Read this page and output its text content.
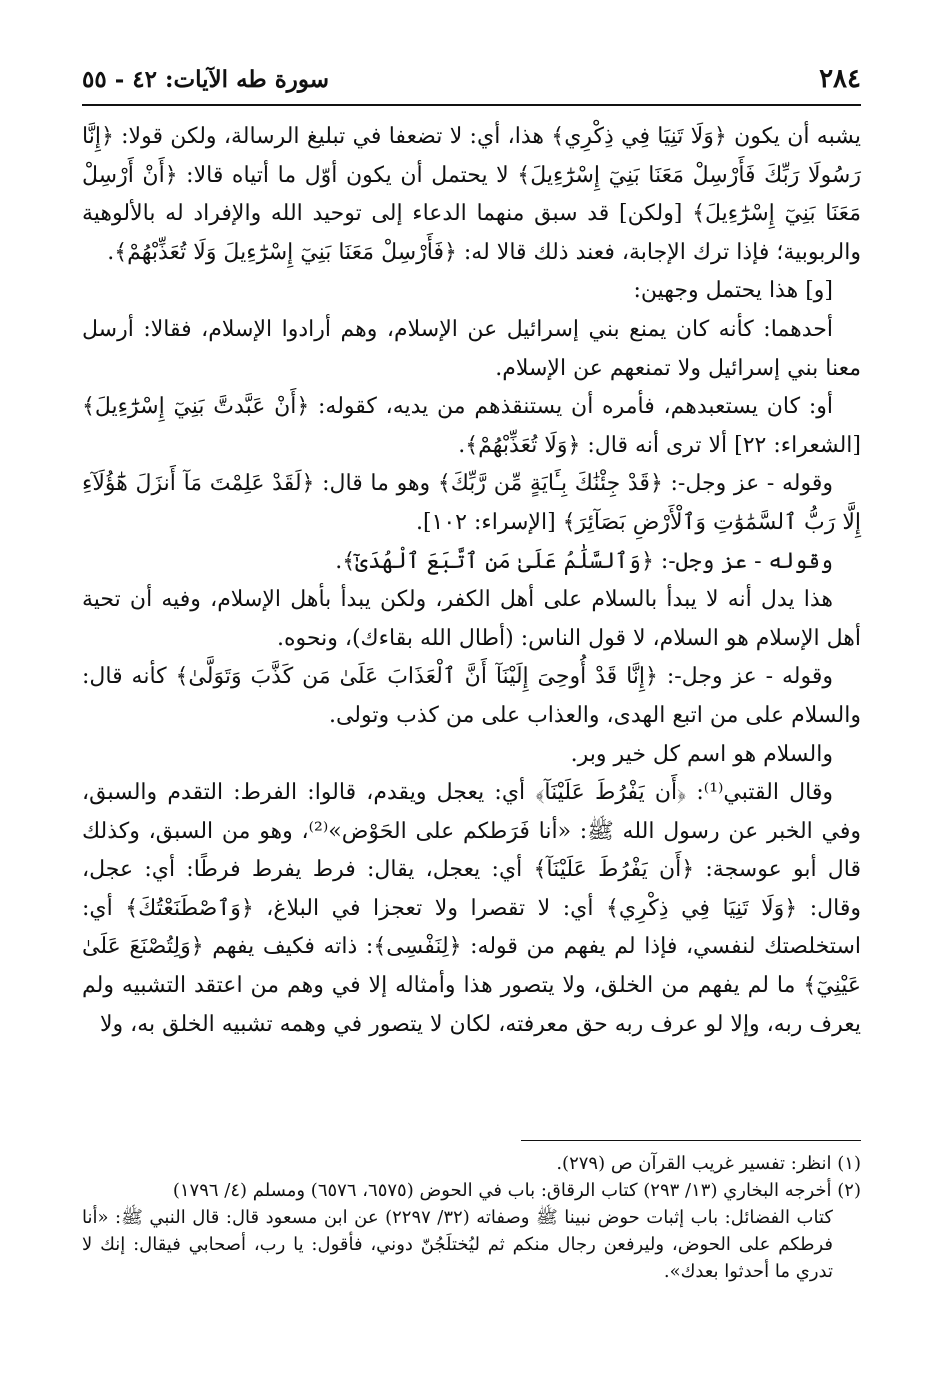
٢٨٤
سورة طه الآيات: ٤٢ - ٥٥

يشبه أن يكون ﴿وَلَا تَنِيَا فِي ذِكْرِي﴾ هذا، أي: لا تضعفا في تبليغ الرسالة، ولكن قولا: ﴿إِنَّا رَسُولَا رَبِّكَ فَأَرْسِلْ مَعَنَا بَنِيٓ إِسْرَٰٓءِيلَ﴾ لا يحتمل أن يكون أوّل ما أتياه قالا: ﴿أَنْ أَرْسِلْ مَعَنَا بَنِيٓ إِسْرَٰٓءِيلَ﴾ [ولكن] قد سبق منهما الدعاء إلى توحيد الله والإفراد له بالألوهية والربوبية؛ فإذا ترك الإجابة، فعند ذلك قالا له: ﴿فَأَرْسِلْ مَعَنَا بَنِيٓ إِسْرَٰٓءِيلَ وَلَا تُعَذِّبْهُمْ﴾.

[و] هذا يحتمل وجهين:

أحدهما: كأنه كان يمنع بني إسرائيل عن الإسلام، وهم أرادوا الإسلام، فقالا: أرسل معنا بني إسرائيل ولا تمنعهم عن الإسلام.

أو: كان يستعبدهم، فأمره أن يستنقذهم من يديه، كقوله: ﴿أَنْ عَبَّدتَّ بَنِيٓ إِسْرَٰٓءِيلَ﴾ [الشعراء: ٢٢] ألا ترى أنه قال: ﴿وَلَا تُعَذِّبْهُمْ﴾.

وقوله - عز وجل-: ﴿قَدْ جِئْنَٰكَ بِـَٔايَةٍ مِّن رَّبِّكَ﴾ وهو ما قال: ﴿لَقَدْ عَلِمْتَ مَآ أَنزَلَ هَٰٓؤُلَآءِ إِلَّا رَبُّ ٱلسَّمَٰوَٰتِ وَٱلْأَرْضِ بَصَآئِرَ﴾ [الإسراء: ١٠٢].

وقوله - عز وجل-: ﴿وَٱلسَّلَٰمُ عَلَىٰ مَنِ ٱتَّبَعَ ٱلْهُدَىٰٓ﴾.

هذا يدل أنه لا يبدأ بالسلام على أهل الكفر، ولكن يبدأ بأهل الإسلام، وفيه أن تحية أهل الإسلام هو السلام، لا قول الناس: (أطال الله بقاءك)، ونحوه.

وقوله - عز وجل-: ﴿إِنَّا قَدْ أُوحِىَ إِلَيْنَآ أَنَّ ٱلْعَذَابَ عَلَىٰ مَن كَذَّبَ وَتَوَلَّىٰ﴾ كأنه قال: والسلام على من اتبع الهدى، والعذاب على من كذب وتولى.

والسلام هو اسم كل خير وبر.

وقال القتبي⁽¹⁾: ﴿أَن يَفْرُطَ عَلَيْنَآ﴾ أي: يعجل ويقدم، قالوا: الفرط: التقدم والسبق، وفي الخبر عن رسول الله ﷺ: «أنا فَرَطكم على الحَوْض»⁽²⁾، وهو من السبق، وكذلك قال أبو عوسجة: ﴿أَن يَفْرُطَ عَلَيْنَآ﴾ أي: يعجل، يقال: فرط يفرط فرطًا: أي: عجل، وقال: ﴿وَلَا تَنِيَا فِي ذِكْرِي﴾ أي: لا تقصرا ولا تعجزا في البلاغ، ﴿وَٱصْطَنَعْتُكَ﴾ أي: استخلصتك لنفسي، فإذا لم يفهم من قوله: ﴿لِنَفْسِى﴾: ذاته فكيف يفهم ﴿وَلِتُصْنَعَ عَلَىٰ عَيْنِيٓ﴾ ما لم يفهم من الخلق، ولا يتصور هذا وأمثاله إلا في وهم من اعتقد التشبيه ولم يعرف ربه، وإلا لو عرف ربه حق معرفته، لكان لا يتصور في وهمه تشبيه الخلق به، ولا

(١) انظر: تفسير غريب القرآن ص (٢٧٩).

(٢) أخرجه البخاري (١٣/ ٢٩٣) كتاب الرقاق: باب في الحوض (٦٥٧٥، ٦٥٧٦) ومسلم (٤/ ١٧٩٦)

كتاب الفضائل: باب إثبات حوض نبينا ﷺ وصفاته (٣٢/ ٢٢٩٧) عن ابن مسعود قال: قال النبي ﷺ: «أنا فرطكم على الحوض، وليرفعن رجال منكم ثم ليُختلَجُنّ دوني، فأقول: يا رب، أصحابي فيقال: إنك لا تدري ما أحدثوا بعدك».
